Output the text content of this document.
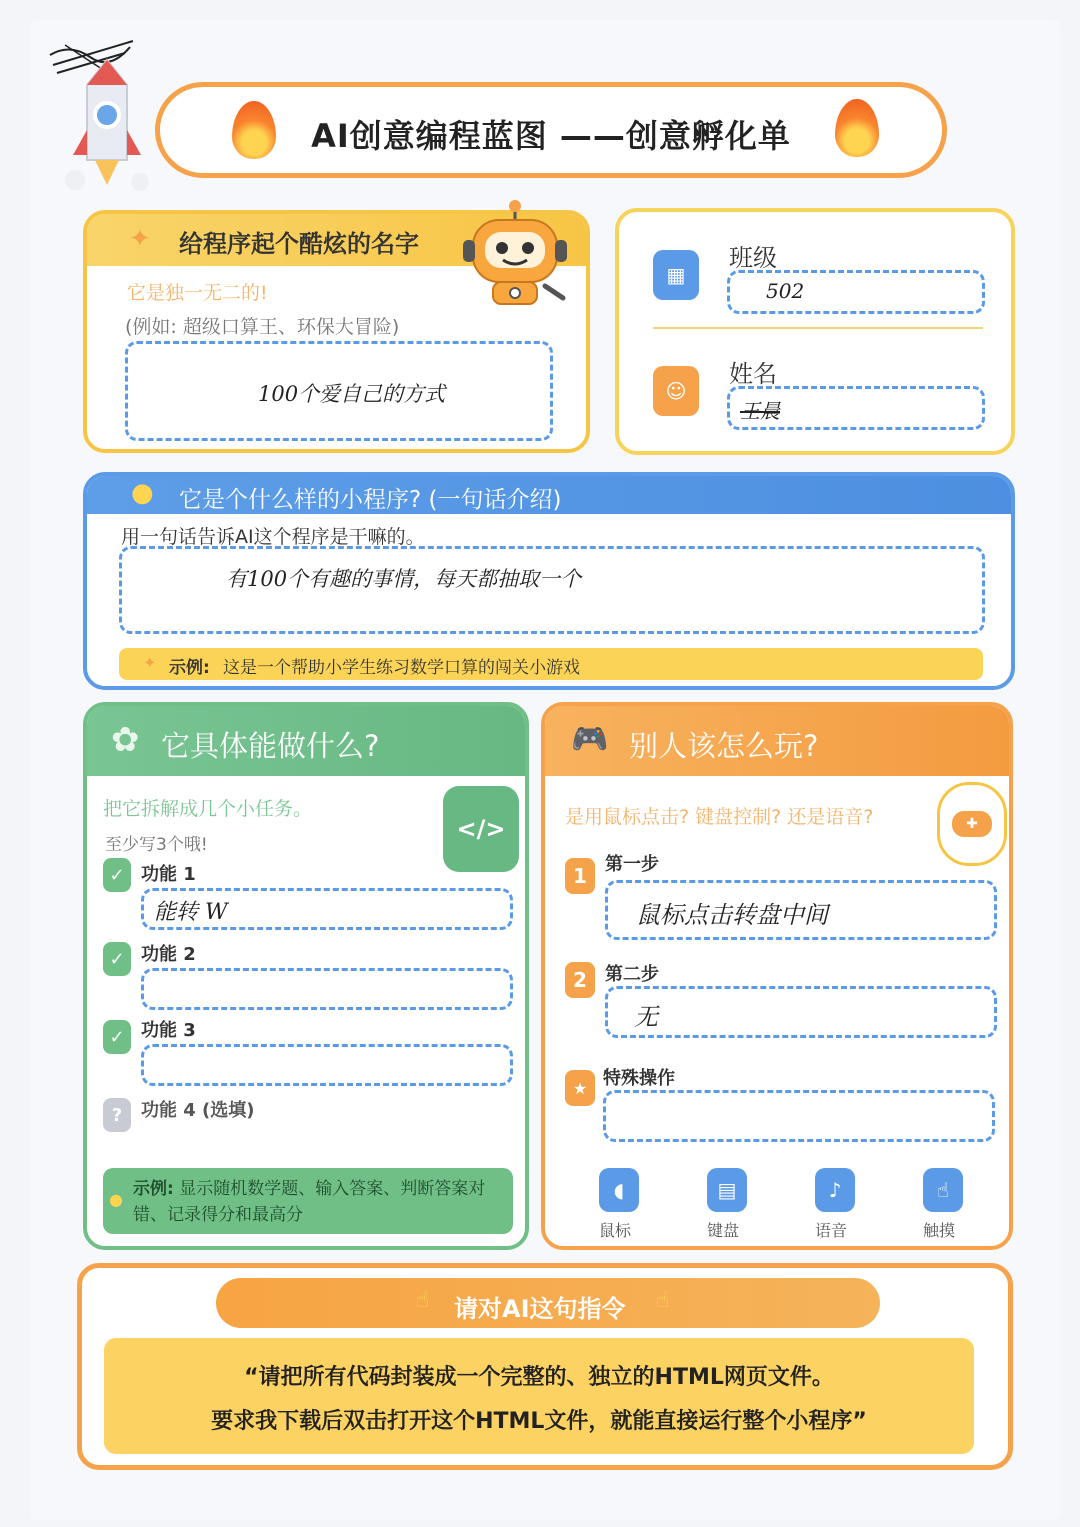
AI创意编程蓝图 ——创意孵化单
✦ 给程序起个酷炫的名字
它是独一无二的!
(例如: 超级口算王、环保大冒险)
100个爱自己的方式
▦
班级
502
☺
姓名
王晨
● 它是个什么样的小程序? (一句话介绍)
用一句话告诉AI这个程序是干嘛的。
有100个有趣的事情，每天都抽取一个
✦ 示例: 这是一个帮助小学生练习数学口算的闯关小游戏
✿ 它具体能做什么?
把它拆解成几个小任务。
至少写3个哦!
</>
✓ 功能 1
能转 W
✓ 功能 2
✓ 功能 3
?	功能 4 (选填)
●
示例: 显示随机数学题、输入答案、判断答案对错、记录得分和最高分
🎮 别人该怎么玩?
是用鼠标点击? 键盘控制? 还是语音?	✚
1	第一步
鼠标点击转盘中间
2	第二步
无
★ 特殊操作
◖
鼠标
▤
键盘
♪
语音
☝
触摸
☝ 请对AI这句指令 ☝
“请把所有代码封装成一个完整的、独立的HTML网页文件。
要求我下载后双击打开这个HTML文件，就能直接运行整个小程序”
